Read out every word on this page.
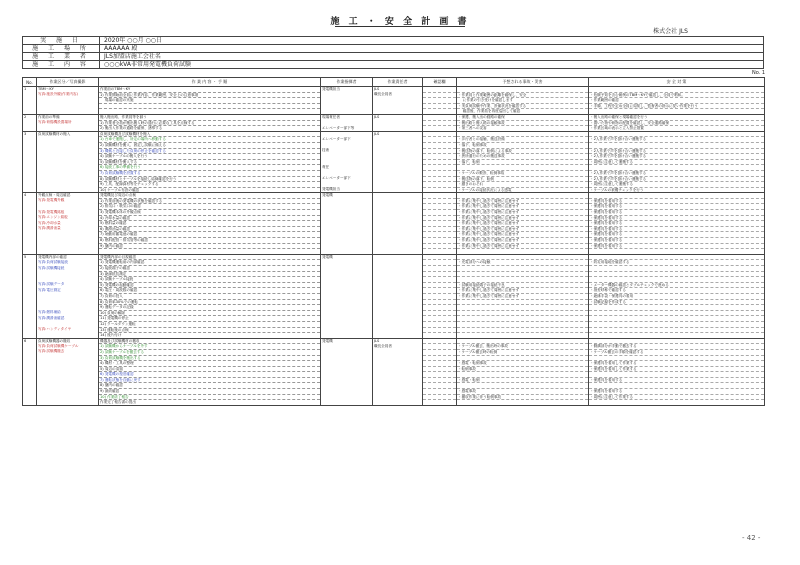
施 工 ・ 安 全 計 画 書
株式会社 JLS
実 施 日	2020年 ○○月 ○○日
施 工 場 所	AAAAAA 殿
施 工 業 者	JLS加盟店施工会社名
施 工 内 容	○○○kVA非常用発電機負荷試験
No. 1
No.	作業区分／写真撮影	作 業 内 容 ・ 手 順	作業指揮者	作業責任者	確認欄	予想される事故・災害	安 全 対 策
1	TBM～KY	作業前のTBM～KY	発電機担当	JLS			
	写真:施設外観(作業内容)	1) 作業開始前全員に作業内容、作業範囲、安全上の注意事項		職長全員者		・作業員と作業範囲の距離を確保し、安全	・危険予知を含む朝例のTBM～KYで確認し、全員で唱和。
		　 現場の確認の実施				　 に作業の引き受けを確認します	・作業範囲の確認
						・実負荷試験中作業、設備状況を確認する	・手順、工程を定め全員に周知し、監督者の指示に従い作業を行う
						　 確認後、作業員を再度巡回して確認	
2	作業前の準備	搬入搬出路、作業員等を揃う	現場責任者	JLS		・保護、搬入出の経路の確保	・搬入出路の確保と現場確認を行う
	写真:荷揚機設置場所	1) 作業者全員が搬出搬入時の通行に必要な工具を点検する				・搬出路と搬入路の接触事故	・置いた物や荷物の配置を確認し、安全通路確保
		2) 搬出入作業の通路を確保、誘導する	エレベーター部下等			・第三者への災害	・作業区域の表示と立入禁止措置
3	負荷試験機材の搬入	負荷試験機及び試験機材を搬入		JLS			
		1) 台車で運搬し、所定の場所へ移動する	エレベーター部下			・歩行者との接触、搬送設備	・2人作業で声を掛け合い運搬する
		2) 試験機材を搬入、固定し試験に備える				・落下、転倒事故	
		3) 機械と近接した負荷の停止を確認する	技術			・搬送物の落下、転倒による事故	・2人作業で声を掛け合い運搬する
		4) 試験ケーブルの搬入を行う				・狭所通行のための搬送事故	・2人作業で声を掛け合い運搬する
		5) 試験機材を搬入する				・落下、転倒	・周囲に注意して運搬する
		6) 接続工事の準備を行う	責任				
		7) 負荷試験機を設置する				・ケーブルの敷設、転倒事故	・2人作業で声を掛け合い運搬する
		8) 試験機材とケーブルを接続し結線確認を行う	エレベーター部下			・搬送物の落下、転倒	・2人作業で声を掛け合い運搬する
		9) 工具、配線資材等をチェックする				・躓きのおそれ	・周囲に注意して運搬する
		10) ケーブル布設の確認	発電機担当			・ケーブルの接続状況による感電	・ケーブルの被覆チェックを行う
4	外観点検・周辺確認	発電機及び周辺の点検	発電機				
	写真:発電機外観	1) 作業前後の発電機の状態を確認する				・作業に集中し過ぎて周囲に注意せず	・保護具を着用する
		2) 排気口・吸気口の確認				・作業に集中し過ぎて周囲に注意せず	・保護具を着用する
	写真:発電機銘板	3) 発電機本体の外観点検				・作業に集中し過ぎて周囲に注意せず	・保護具を着用する
	写真:エンジン銘板	4) 冷却水量の確認				・作業に集中し過ぎて周囲に注意せず	・保護具を着用する
	写真:冷却水量	5) 燃料量の確認				・作業に集中し過ぎて周囲に注意せず	・保護具を着用する
	写真:潤滑油量	6) 潤滑油量の確認				・作業に集中し過ぎて周囲に注意せず	・保護具を着用する
		7) 始動用蓄電池の確認				・作業に集中し過ぎて周囲に注意せず	・保護具を着用する
		8) 燃料配管・排気管等の確認				・作業に集中し過ぎて周囲に注意せず	・保護具を着用する
		9) 盤内の確認				・作業に集中し過ぎて周囲に注意せず	・保護具を着用する

5	発電機内部の確認	発電機内部の目視確認	発電機				
	写真:負荷試験接続	1) 発電機運転前の内部確認				・充電部分への接触	・防災用接地を確認する
	写真:試験機接続	2) 接続端子の確認					
		3) 絶縁抵抗測定					
		4) 試験ケーブル接続					
	写真:試験データ	5) 発電機の起動確認				・試験用接続端子の接続不良	・メーター機器の確認とダブルチェックで進める
	写真:電圧測定	6) 電圧・周波数の確認				・作業に集中し過ぎて周囲に注意せず	・指差呼称で確認する
		7) 負荷の投入				・作業に集中し過ぎて周囲に注意せず	・絶縁手袋・保護具の着用
		8) 負荷率30%での運転					・試験記録を作成する
		9) 運転データの記録					
	写真:燃料補給	10) 負荷の解除					
	写真:潤滑油確認	11) 発電機の停止					
		12) クールダウン運転					
	写真:ハンディタイヤ	13) 運転後の点検					
		14) 後片付け					
6	負荷試験機器の撤収	機器及び試験機材の撤収	発電機	JLS			
	写真:負荷試験機ケーブル	1) 試験機からケーブルを外す		職長全員者		・ケーブル撤去、搬出時の事故	・側溝部分が手動で撤去する
	写真:試験機撤去	2) 試験ケーブルを撤去する				・ケーブル撤去時の転倒	・ケーブル撤去の手順を確認する
		3) 負荷試験機を搬出する					
		4) 機材・工具の整理				・感電・転倒事故	・保護具を着用して作業する
		5) 周辺の清掃				・転倒事故	・保護具を着用して作業する
		6) 発電機の復旧確認					
		7) 運転状態を自動に戻す				・感電・転倒	・保護具を着用する
		8) 盤内の確認					
		9) 最終確認				・感電事故	・保護具を着用する
		10) 作業終了報告				・撤収作業に伴う転倒事故	・周囲に注意して作業する
		作業完了報告書の提出					
- 42 -
